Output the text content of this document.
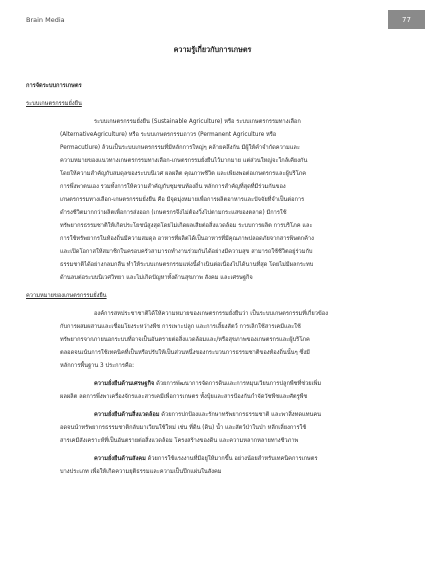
Brain Media	77
ความรู้เกี่ยวกับการเกษตร

การจัดระบบการเกษตร

ระบบเกษตรกรรมยั่งยืน

ระบบเกษตรกรรมยั่งยืน (Sustainable Agriculture) หรือ ระบบเกษตรกรรมทางเลือก
(AlternativeAgriculture) หรือ ระบบเกษตรกรรมถาวร (Permanent Agriculture หรือ
Permacutlure) ล้วนเป็นระบบเกษตรกรรมที่มีหลักการใหญ่ๆ คล้ายคลึงกัน มีผู้ให้คำจำกัดความและ
ความหมายของแนวทางเกษตรกรรมทางเลือก-เกษตรกรรมยั่งยืนไว้มากมาย แต่ส่วนใหญ่จะใกล้เคียงกัน
โดยให้ความสำคัญกับสมดุลของระบบนิเวศ ผลผลิต คุณภาพชีวิต และเพียงพอต่อเกษตรกรและผู้บริโภค
การพึ่งพาตนเอง รวมทั้งการให้ความสำคัญกับชุมชนท้องถิ่น หลักการสำคัญที่สุดที่มีร่วมกันของ
เกษตรกรรมทางเลือก-เกษตรกรรมยั่งยืน คือ มีจุดมุ่งหมายเพื่อการผลิตอาหารและปัจจัยที่จำเป็นต่อการ
ดำรงชีวิตมากกว่าผลิตเพื่อการส่งออก (เกษตรกรจึงไม่ต้องวิ่งไปตามกระแสของตลาด) มีการใช้
ทรัพยากรธรรมชาติให้เกิดประโยชน์สูงสุดโดยไม่เกิดผลเสียต่อสิ่งแวดล้อม ระบบการผลิต การบริโภค และ
การใช้ทรัพยากรในท้องถิ่นมีความสมดุล อาหารที่ผลิตได้เป็นอาหารที่มีคุณภาพปลอดภัยจากสารพิษตกค้าง
และเปิดโอกาสให้สมาชิกในครอบครัวสามารถทำงานร่วมกันได้อย่างมีความสุข สามารถใช้ชีวิตอยู่ร่วมกับ
ธรรมชาติได้อย่างกลมกลืน ทำให้ระบบเกษตรกรรมแห่งนี้ดำเนินต่อเนื่องไปได้นานที่สุด โดยไม่มีผลกระทบ
ด้านลบต่อระบบนิเวศวิทยา และไม่เกิดปัญหาทั้งด้านสุขภาพ สังคม และเศรษฐกิจ

ความหมายของเกษตรกรรมยั่งยืน

องค์การสหประชาชาติได้ให้ความหมายของเกษตรกรรมยั่งยืนว่า เป็นระบบเกษตรกรรมที่เกี่ยวข้อง
กับการผสมผสานและเชื่อมโยงระหว่างพืช การเพาะปลูก และการเลี้ยงสัตว์ การเลิกใช้สารเคมีและใช้
ทรัพยากรจากภายนอกระบบที่อาจเป็นอันตรายต่อสิ่งแวดล้อมและ/หรือสุขภาพของเกษตรกรและผู้บริโภค
ตลอดจนเน้นการใช้เทคนิคที่เป็นหรือปรับให้เป็นส่วนหนึ่งของกระบวนการธรรมชาติของท้องถิ่นนั้นๆ ซึ่งมี
หลักการพื้นฐาน 3 ประการคือ:

ความยั่งยืนด้านเศรษฐกิจ ด้วยการพัฒนาการจัดการดินและการหมุนเวียนการปลูกพืชที่ช่วยเพิ่ม
ผลผลิต ลดการพึ่งพาเครื่องจักรและสารเคมีเพื่อการเกษตร ทั้งปุ๋ยและสารป้องกันกำจัดวัชพืชและศัตรูพืช

ความยั่งยืนด้านสิ่งแวดล้อม ด้วยการปกป้องและรักษาทรัพยากรธรรมชาติ และพาสิ่งทดแทนคน
อดจนนำทรัพยากรธรรมชาติกลับมาเวียนใช้ใหม่ เช่น ที่ดิน (ดิน) น้ำ และสัตว์ป่าในป่า หลีกเลี่ยงการใช้
สารเคมีสังเคราะห์ที่เป็นอันตรายต่อสิ่งแวดล้อม โครงสร้างของดิน และความหลากหลายทางชีวภาพ

ความยั่งยืนด้านสังคม ด้วยการใช้แรงงานที่มีอยู่ให้มากขึ้น อย่างน้อยสำหรับเทคนิคการเกษตร
บางประเภท เพื่อให้เกิดความยุติธรรมและความเป็นปึกแผ่นในสังคม
